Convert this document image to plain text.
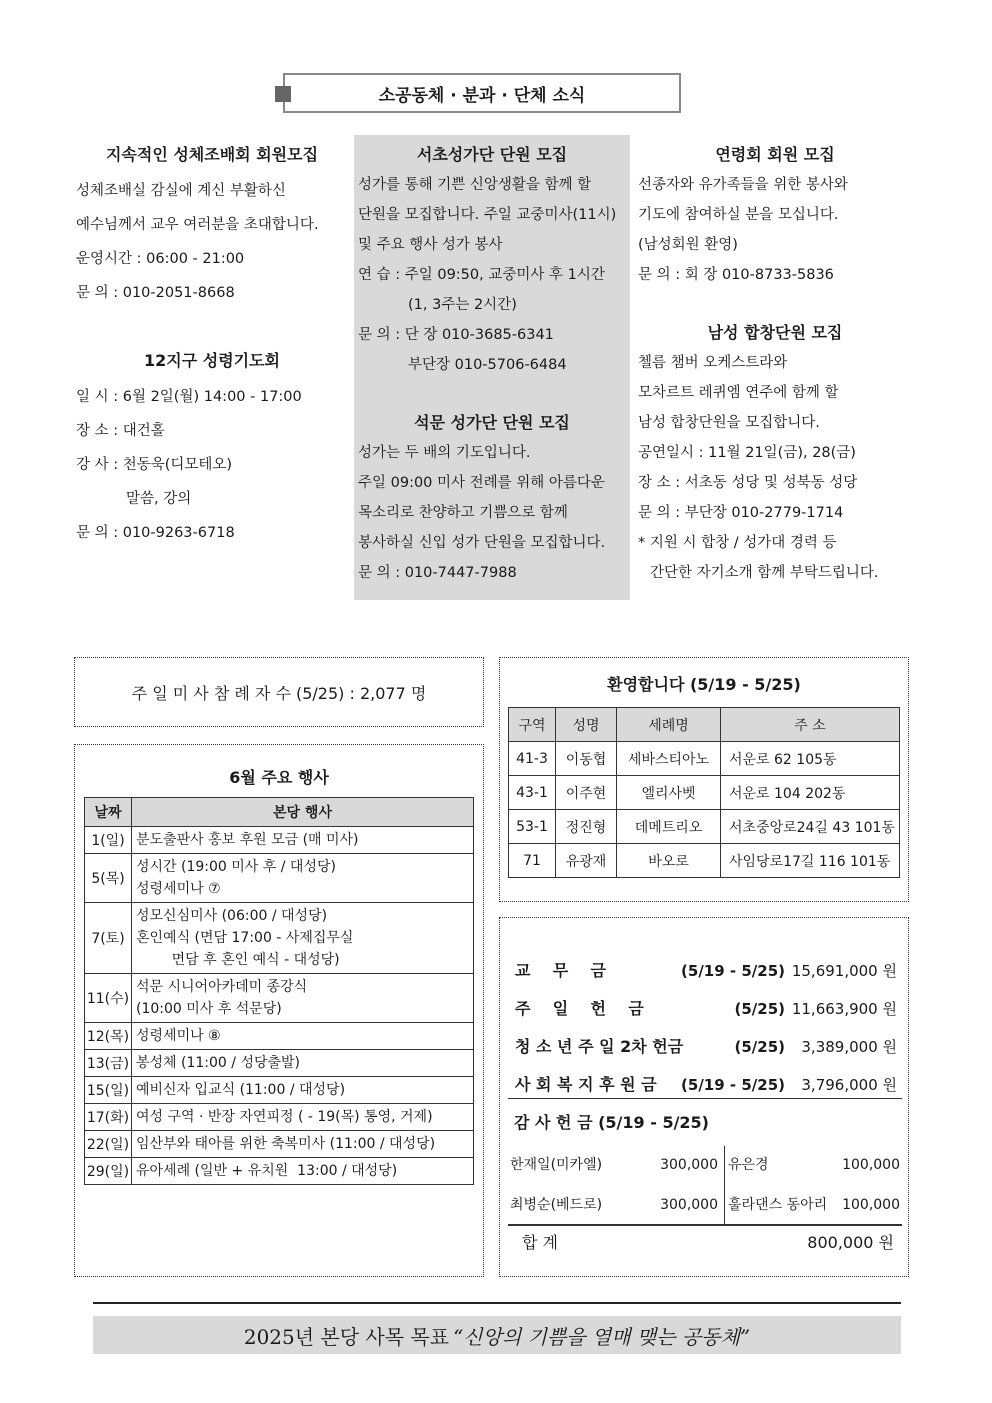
소공동체 · 분과 · 단체 소식
지속적인 성체조배회 회원모집
성체조배실 감실에 계신 부활하신
예수님께서 교우 여러분을 초대합니다.
운영시간 : 06:00 - 21:00
문 의 : 010-2051-8668
12지구 성령기도회
일 시 : 6월 2일(월) 14:00 - 17:00
장 소 : 대건홀
강 사 : 천동욱(디모테오)
말씀, 강의
문 의 : 010-9263-6718
서초성가단 단원 모집
성가를 통해 기쁜 신앙생활을 함께 할
단원을 모집합니다. 주일 교중미사(11시)
및 주요 행사 성가 봉사
연 습 : 주일 09:50, 교중미사 후 1시간
(1, 3주는 2시간)
문 의 : 단 장 010-3685-6341
부단장 010-5706-6484
석문 성가단 단원 모집
성가는 두 배의 기도입니다.
주일 09:00 미사 전례를 위해 아름다운
목소리로 찬양하고 기쁨으로 함께
봉사하실 신입 성가 단원을 모집합니다.
문 의 : 010-7447-7988
연령회 회원 모집
선종자와 유가족들을 위한 봉사와
기도에 참여하실 분을 모십니다.
(남성회원 환영)
문 의 : 회 장 010-8733-5836
남성 합창단원 모집
첼름 챔버 오케스트라와
모차르트 레퀴엠 연주에 함께 할
남성 합창단원을 모집합니다.
공연일시 : 11월 21일(금), 28(금)
장 소 : 서초동 성당 및 성북동 성당
문 의 : 부단장 010-2779-1714
* 지원 시 합창 / 성가대 경력 등
간단한 자기소개 함께 부탁드립니다.
주 일 미 사 참 례 자 수 (5/25) : 2,077 명
6월 주요 행사
날짜	본당 행사
1(일)	분도출판사 홍보 후원 모금 (매 미사)
5(목)	성시간 (19:00 미사 후 / 대성당)
성령세미나 ⑦
7(토)	성모신심미사 (06:00 / 대성당)
혼인예식 (면담 17:00 - 사제집무실
면담 후 혼인 예식 - 대성당)
11(수)	석문 시니어아카데미 종강식
(10:00 미사 후 석문당)
12(목)	성령세미나 ⑧
13(금)	봉성체 (11:00 / 성당출발)
15(일)	예비신자 입교식 (11:00 / 대성당)
17(화)	여성 구역 · 반장 자연피정 ( - 19(목) 통영, 거제)
22(일)	임산부와 태아를 위한 축복미사 (11:00 / 대성당)
29(일)	유아세례 (일반 + 유치원  13:00 / 대성당)
환영합니다 (5/19 - 5/25)
구역	성명	세례명	주 소
41-3	이동협	세바스티아노	서운로 62 105동
43-1	이주현	엘리사벳	서운로 104 202동
53-1	정진형	데메트리오	서초중앙로24길 43 101동
71	유광재	바오로	사임당로17길 116 101동
교    무    금	(5/19 - 5/25) 15,691,000 원
주    일    헌    금	(5/25) 11,663,900 원
청 소 년 주 일 2차 헌금	(5/25) 3,389,000 원
사 회 복 지 후 원 금 (5/19 - 5/25) 3,796,000 원
감 사 헌 금 (5/19 - 5/25)
한재일(미카엘)	300,000 유은경	100,000
최병순(베드로)	300,000 훌라댄스 동아리 100,000
합 계	800,000 원
2025년 본당 사목 목표 “신앙의 기쁨을 열매 맺는 공동체”
